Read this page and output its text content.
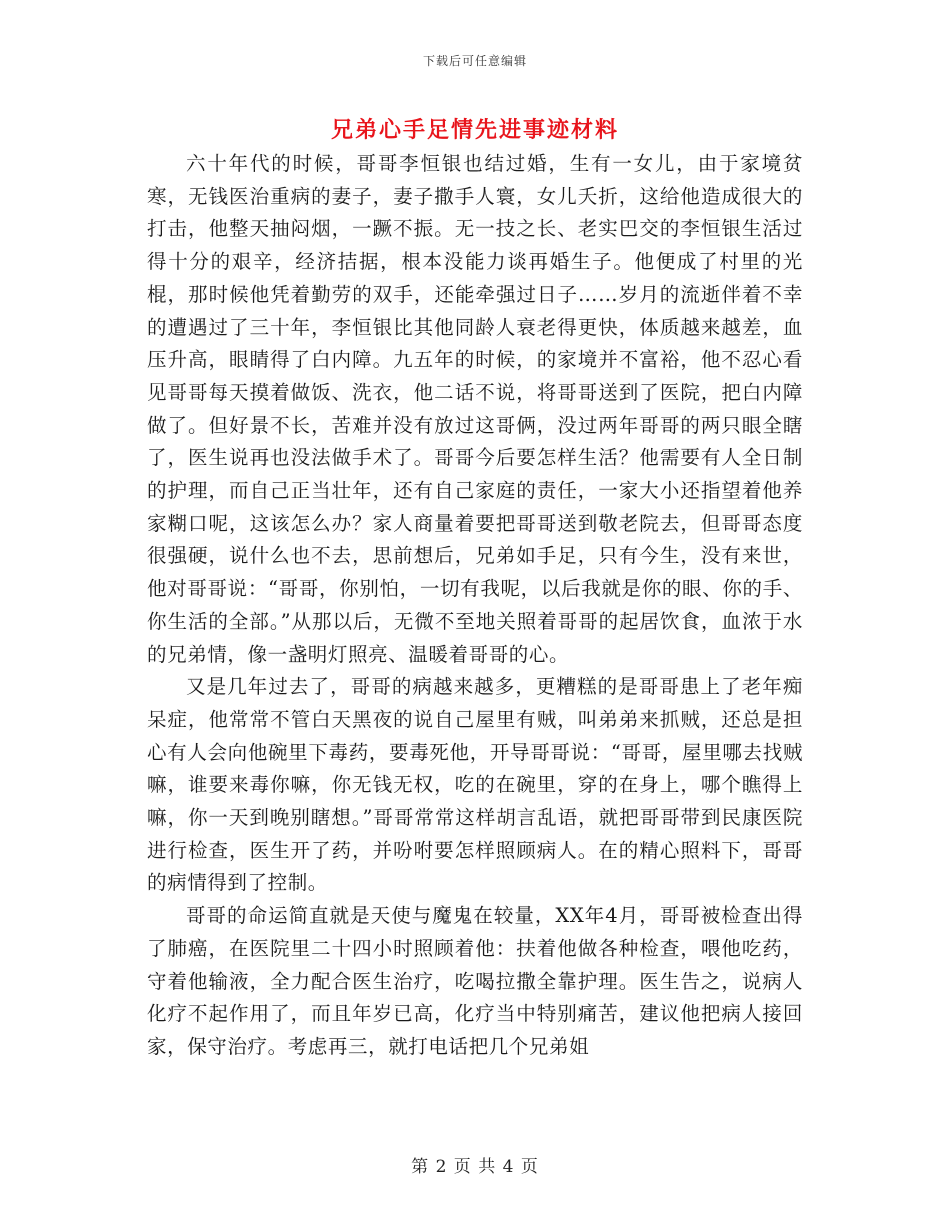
下载后可任意编辑
兄弟心手足情先进事迹材料

六十年代的时候，哥哥李恒银也结过婚，生有一女儿，由于家境贫寒，无钱医治重病的妻子，妻子撒手人寰，女儿夭折，这给他造成很大的打击，他整天抽闷烟，一蹶不振。无一技之长、老实巴交的李恒银生活过得十分的艰辛，经济拮据，根本没能力谈再婚生子。他便成了村里的光棍，那时候他凭着勤劳的双手，还能牵强过日子……岁月的流逝伴着不幸的遭遇过了三十年，李恒银比其他同龄人衰老得更快，体质越来越差，血压升高，眼睛得了白内障。九五年的时候，的家境并不富裕，他不忍心看见哥哥每天摸着做饭、洗衣，他二话不说，将哥哥送到了医院，把白内障做了。但好景不长，苦难并没有放过这哥俩，没过两年哥哥的两只眼全瞎了，医生说再也没法做手术了。哥哥今后要怎样生活？他需要有人全日制的护理，而自己正当壮年，还有自己家庭的责任，一家大小还指望着他养家糊口呢，这该怎么办？家人商量着要把哥哥送到敬老院去，但哥哥态度很强硬，说什么也不去，思前想后，兄弟如手足，只有今生，没有来世，他对哥哥说：“哥哥，你别怕，一切有我呢，以后我就是你的眼、你的手、你生活的全部。”从那以后，无微不至地关照着哥哥的起居饮食，血浓于水的兄弟情，像一盏明灯照亮、温暖着哥哥的心。

又是几年过去了，哥哥的病越来越多，更糟糕的是哥哥患上了老年痴呆症，他常常不管白天黑夜的说自己屋里有贼，叫弟弟来抓贼，还总是担心有人会向他碗里下毒药，要毒死他，开导哥哥说：“哥哥，屋里哪去找贼嘛，谁要来毒你嘛，你无钱无权，吃的在碗里，穿的在身上，哪个瞧得上嘛，你一天到晚别瞎想。”哥哥常常这样胡言乱语，就把哥哥带到民康医院进行检查，医生开了药，并吩咐要怎样照顾病人。在的精心照料下，哥哥的病情得到了控制。

哥哥的命运简直就是天使与魔鬼在较量，XX年4月，哥哥被检查出得了肺癌，在医院里二十四小时照顾着他：扶着他做各种检查，喂他吃药，守着他输液，全力配合医生治疗，吃喝拉撒全靠护理。医生告之，说病人化疗不起作用了，而且年岁已高，化疗当中特别痛苦，建议他把病人接回家，保守治疗。考虑再三，就打电话把几个兄弟姐

第 2 页 共 4 页
